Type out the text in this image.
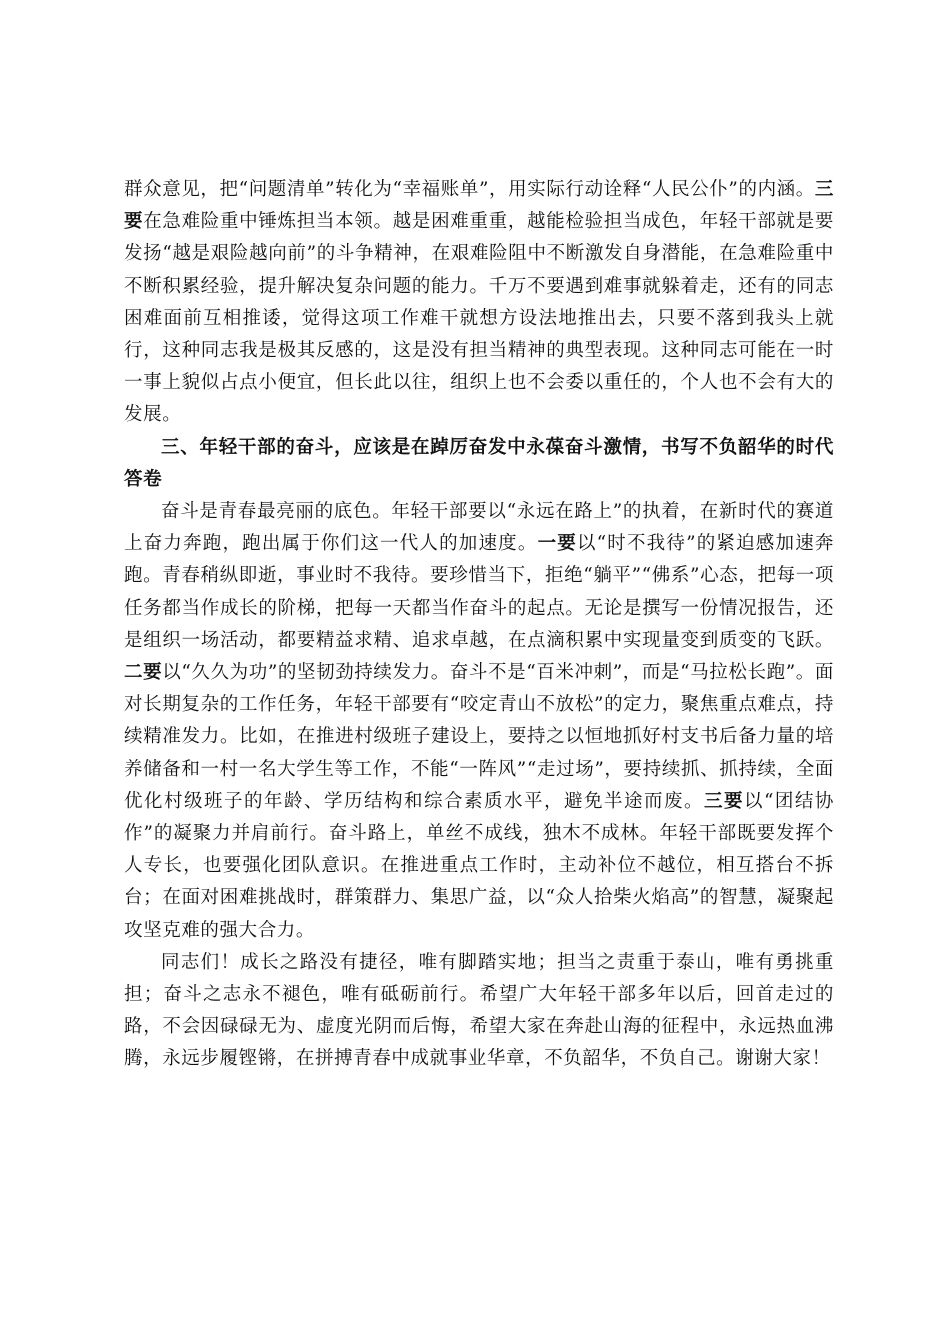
群众意见，把“问题清单”转化为“幸福账单”，用实际行动诠释“人民公仆”的内涵。三要在急难险重中锤炼担当本领。越是困难重重，越能检验担当成色，年轻干部就是要发扬“越是艰险越向前”的斗争精神，在艰难险阻中不断激发自身潜能，在急难险重中不断积累经验，提升解决复杂问题的能力。千万不要遇到难事就躲着走，还有的同志困难面前互相推诿，觉得这项工作难干就想方设法地推出去，只要不落到我头上就行，这种同志我是极其反感的，这是没有担当精神的典型表现。这种同志可能在一时一事上貌似占点小便宜，但长此以往，组织上也不会委以重任的，个人也不会有大的发展。

三、年轻干部的奋斗，应该是在踔厉奋发中永葆奋斗激情，书写不负韶华的时代答卷

奋斗是青春最亮丽的底色。年轻干部要以“永远在路上”的执着，在新时代的赛道上奋力奔跑，跑出属于你们这一代人的加速度。一要以“时不我待”的紧迫感加速奔跑。青春稍纵即逝，事业时不我待。要珍惜当下，拒绝“躺平”“佛系”心态，把每一项任务都当作成长的阶梯，把每一天都当作奋斗的起点。无论是撰写一份情况报告，还是组织一场活动，都要精益求精、追求卓越，在点滴积累中实现量变到质变的飞跃。二要以“久久为功”的坚韧劲持续发力。奋斗不是“百米冲刺”，而是“马拉松长跑”。面对长期复杂的工作任务，年轻干部要有“咬定青山不放松”的定力，聚焦重点难点，持续精准发力。比如，在推进村级班子建设上，要持之以恒地抓好村支书后备力量的培养储备和一村一名大学生等工作，不能“一阵风”“走过场”，要持续抓、抓持续，全面优化村级班子的年龄、学历结构和综合素质水平，避免半途而废。三要以“团结协作”的凝聚力并肩前行。奋斗路上，单丝不成线，独木不成林。年轻干部既要发挥个人专长，也要强化团队意识。在推进重点工作时，主动补位不越位，相互搭台不拆台；在面对困难挑战时，群策群力、集思广益，以“众人拾柴火焰高”的智慧，凝聚起攻坚克难的强大合力。

同志们！成长之路没有捷径，唯有脚踏实地；担当之责重于泰山，唯有勇挑重担；奋斗之志永不褪色，唯有砥砺前行。希望广大年轻干部多年以后，回首走过的路，不会因碌碌无为、虚度光阴而后悔，希望大家在奔赴山海的征程中，永远热血沸腾，永远步履铿锵，在拼搏青春中成就事业华章，不负韶华，不负自己。谢谢大家！
